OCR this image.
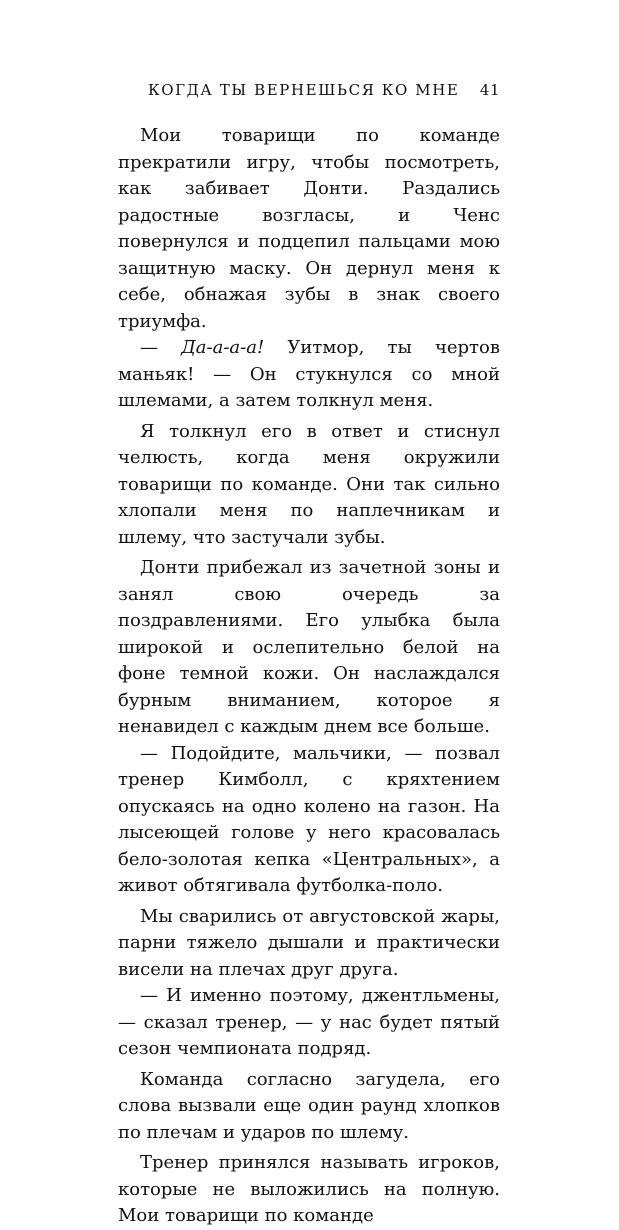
КОГДА ТЫ ВЕРНЕШЬСЯ КО МНЕ 41

Мои товарищи по команде прекратили игру, чтобы посмотреть, как забивает Донти. Раздались радостные возгласы, и Ченс повернулся и подцепил пальцами мою защитную маску. Он дернул меня к себе, обнажая зубы в знак своего триумфа.

— Да-а-а-а! Уитмор, ты чертов маньяк! — Он стукнулся со мной шлемами, а затем толкнул меня.

Я толкнул его в ответ и стиснул челюсть, когда меня окружили товарищи по команде. Они так сильно хлопали меня по наплечникам и шлему, что застучали зубы.

Донти прибежал из зачетной зоны и занял свою очередь за поздравлениями. Его улыбка была широкой и ослепительно белой на фоне темной кожи. Он наслаждался бурным вниманием, которое я ненавидел с каждым днем все больше.

— Подойдите, мальчики, — позвал тренер Кимболл, с кряхтением опускаясь на одно колено на газон. На лысеющей голове у него красовалась бело-золотая кепка «Центральных», а живот обтягивала футболка-поло.

Мы сварились от августовской жары, парни тяжело дышали и практически висели на плечах друг друга.

— И именно поэтому, джентльмены, — сказал тренер, — у нас будет пятый сезон чемпионата подряд.

Команда согласно загудела, его слова вызвали еще один раунд хлопков по плечам и ударов по шлему.

Тренер принялся называть игроков, которые не выложились на полную. Мои товарищи по команде
